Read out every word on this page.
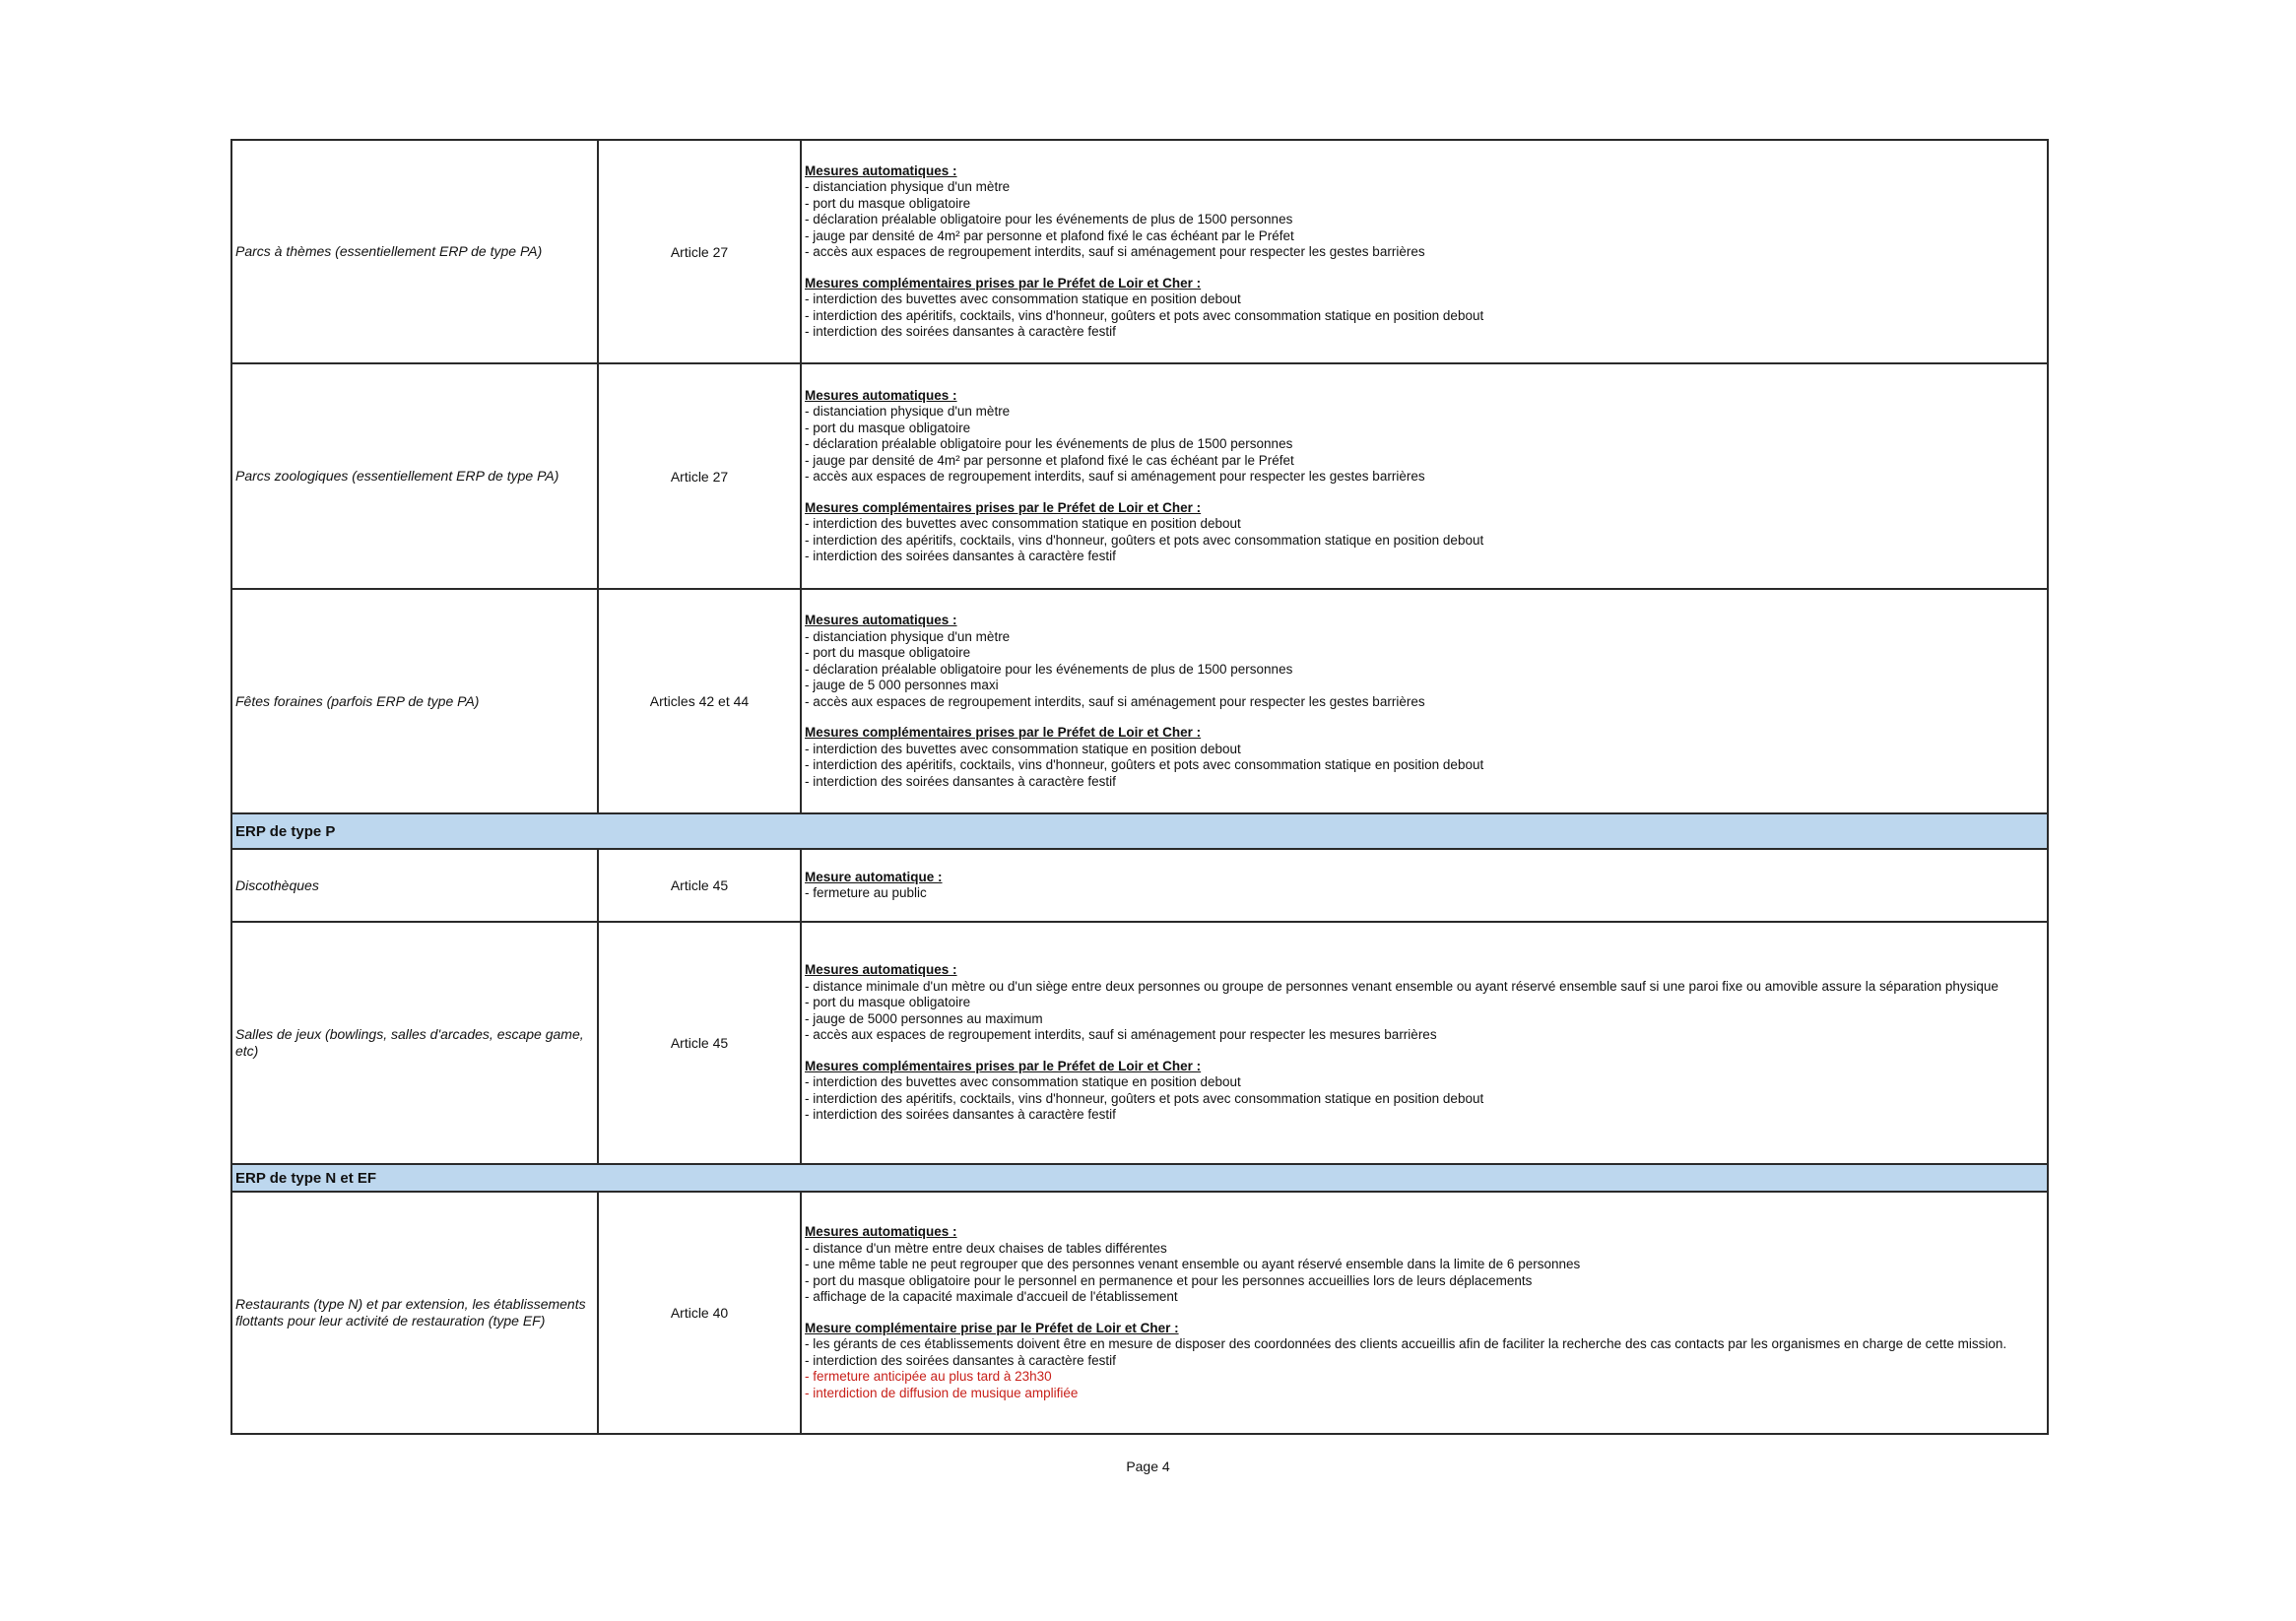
Parcs à thèmes (essentiellement ERP de type PA)	Article 27
Mesures automatiques :
- distanciation physique d'un mètre
- port du masque obligatoire
- déclaration préalable obligatoire pour les événements de plus de 1500 personnes
- jauge par densité de 4m² par personne et plafond fixé le cas échéant par le Préfet
- accès aux espaces de regroupement interdits, sauf si aménagement pour respecter les gestes barrières
Mesures complémentaires prises par le Préfet de Loir et Cher :
- interdiction des buvettes avec consommation statique en position debout
- interdiction des apéritifs, cocktails, vins d'honneur, goûters et pots avec consommation statique en position debout
- interdiction des soirées dansantes à caractère festif
Parcs zoologiques (essentiellement ERP de type PA)	Article 27
Mesures automatiques :
- distanciation physique d'un mètre
- port du masque obligatoire
- déclaration préalable obligatoire pour les événements de plus de 1500 personnes
- jauge par densité de 4m² par personne et plafond fixé le cas échéant par le Préfet
- accès aux espaces de regroupement interdits, sauf si aménagement pour respecter les gestes barrières
Mesures complémentaires prises par le Préfet de Loir et Cher :
- interdiction des buvettes avec consommation statique en position debout
- interdiction des apéritifs, cocktails, vins d'honneur, goûters et pots avec consommation statique en position debout
- interdiction des soirées dansantes à caractère festif
Fêtes foraines (parfois ERP de type PA)	Articles 42 et 44
Mesures automatiques :
- distanciation physique d'un mètre
- port du masque obligatoire
- déclaration préalable obligatoire pour les événements de plus de 1500 personnes
- jauge de 5 000 personnes maxi
- accès aux espaces de regroupement interdits, sauf si aménagement pour respecter les gestes barrières
Mesures complémentaires prises par le Préfet de Loir et Cher :
- interdiction des buvettes avec consommation statique en position debout
- interdiction des apéritifs, cocktails, vins d'honneur, goûters et pots avec consommation statique en position debout
- interdiction des soirées dansantes à caractère festif
ERP de type P
Discothèques	Article 45
Mesure automatique :
- fermeture au public
Salles de jeux (bowlings, salles d'arcades, escape game, etc)	Article 45
Mesures automatiques :
- distance minimale d'un mètre ou d'un siège entre deux personnes ou groupe de personnes venant ensemble ou ayant réservé ensemble sauf si une paroi fixe ou amovible assure la séparation physique
- port du masque obligatoire
- jauge de 5000 personnes au maximum
- accès aux espaces de regroupement interdits, sauf si aménagement pour respecter les mesures barrières
Mesures complémentaires prises par le Préfet de Loir et Cher :
- interdiction des buvettes avec consommation statique en position debout
- interdiction des apéritifs, cocktails, vins d'honneur, goûters et pots avec consommation statique en position debout
- interdiction des soirées dansantes à caractère festif
ERP de type N et EF
Restaurants (type N) et par extension, les établissements flottants pour leur activité de restauration (type EF)	Article 40
Mesures automatiques :
- distance d'un mètre entre deux chaises de tables différentes
- une même table ne peut regrouper que des personnes venant ensemble ou ayant réservé ensemble dans la limite de 6 personnes
- port du masque obligatoire pour le personnel en permanence et pour les personnes accueillies lors de leurs déplacements
- affichage de la capacité maximale d'accueil de l'établissement
Mesure complémentaire prise par le Préfet de Loir et Cher :
- les gérants de ces établissements doivent être en mesure de disposer des coordonnées des clients accueillis afin de faciliter la recherche des cas contacts par les organismes en charge de cette mission.
- interdiction des soirées dansantes à caractère festif
- fermeture anticipée au plus tard à 23h30
- interdiction de diffusion de musique amplifiée
Page 4
